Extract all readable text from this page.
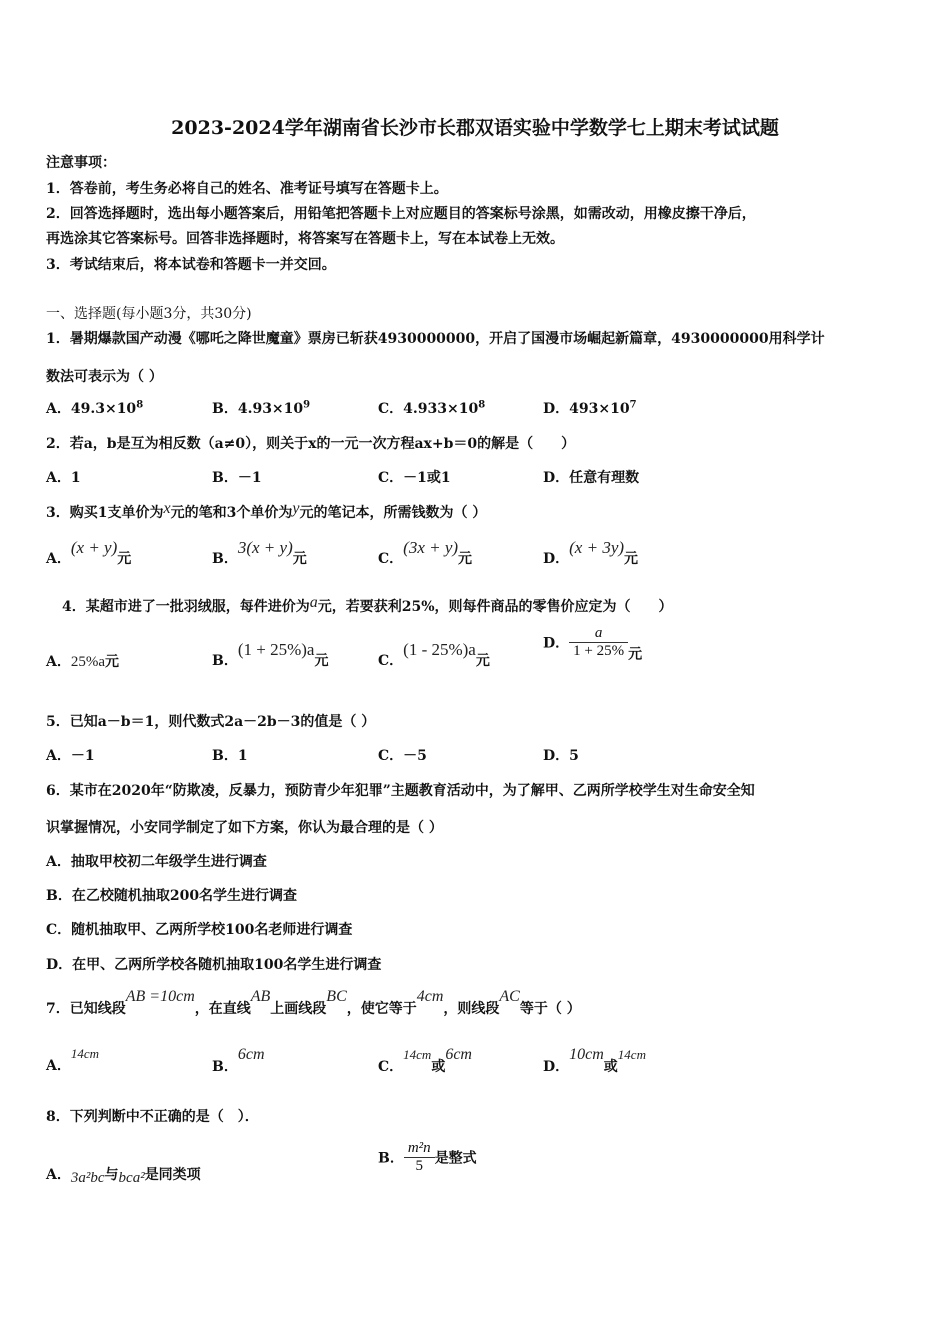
2023-2024学年湖南省长沙市长郡双语实验中学数学七上期末考试试题
注意事项：
1．答卷前，考生务必将自己的姓名、准考证号填写在答题卡上。
2．回答选择题时，选出每小题答案后，用铅笔把答题卡上对应题目的答案标号涂黑，如需改动，用橡皮擦干净后，
再选涂其它答案标号。回答非选择题时，将答案写在答题卡上，写在本试卷上无效。
3．考试结束后，将本试卷和答题卡一并交回。
一、选择题(每小题3分，共30分)
1．暑期爆款国产动漫《哪吒之降世魔童》票房已斩获4930000000，开启了国漫市场崛起新篇章，4930000000用科学计
数法可表示为（ ）
A．$49.3\times 10^8$	B．$4.93\times 10^9$	C．$4.933\times 10^8$	D．$493\times 10^7$
2．若a，b是互为相反数（a≠0），则关于x的一元一次方程ax+b＝0的解是（　　）
A．1	B．－1	C．－1或1	D．任意有理数
3．购买1支单价为x元的笔和3个单价为y元的笔记本，所需钱数为（ ）
A．(x + y)元	B．3(x + y)元	C．(3x + y)元	D．(x + 3y)元
4．某超市进了一批羽绒服，每件进价为a元，若要获利25%，则每件商品的零售价应定为（　　）
A．25%a元	B．(1 + 25%)a元	C．(1 - 25%)a元
D． $\frac{a}{1 + 25\%}$ 元
5．已知a－b＝1，则代数式2a－2b－3的值是（ ）
A．－1	B．1	C．－5	D．5
6．某市在2020年“防欺凌，反暴力，预防青少年犯罪”主题教育活动中，为了解甲、乙两所学校学生对生命安全知
识掌握情况，小安同学制定了如下方案，你认为最合理的是（ ）
A．抽取甲校初二年级学生进行调查
B．在乙校随机抽取200名学生进行调查
C．随机抽取甲、乙两所学校100名老师进行调查
D．在甲、乙两所学校各随机抽取100名学生进行调查
7．已知线段AB =10cm，在直线AB上画线段BC，使它等于4cm，则线段AC等于（ ）
A．14cm
B．6cm
C．14cm或6cm
D．10cm或14cm
8．下列判断中不正确的是（　）．
A．3a²bc与bca²是同类项
B． $\frac{\text{m²n}}{5}$ 是整式
